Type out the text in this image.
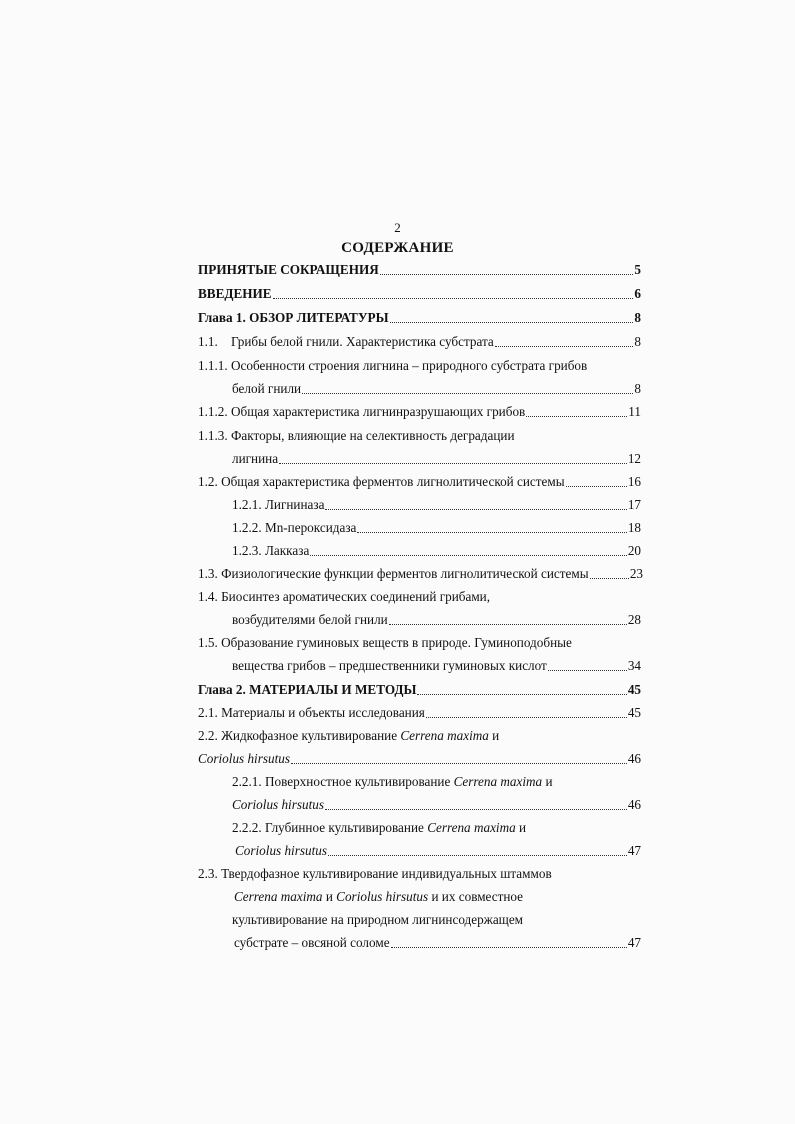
2
СОДЕРЖАНИЕ
ПРИНЯТЫЕ СОКРАЩЕНИЯ	5
ВВЕДЕНИЕ	6
Глава 1. ОБЗОР ЛИТЕРАТУРЫ	8
1.1. Грибы белой гнили. Характеристика субстрата	8
1.1.1. Особенности строения лигнина – природного субстрата грибов
белой гнили	8
1.1.2. Общая характеристика лигнинразрушающих грибов	11
1.1.3. Факторы, влияющие на селективность деградации
лигнина	12
1.2. Общая характеристика ферментов лигнолитической системы	16
1.2.1. Лигниназа	17
1.2.2. Mn-пероксидаза	18
1.2.3. Лакказа	20
1.3. Физиологические функции ферментов лигнолитической системы	23
1.4. Биосинтез ароматических соединений грибами,
возбудителями белой гнили	28
1.5. Образование гуминовых веществ в природе. Гуминоподобные
вещества грибов – предшественники гуминовых кислот	34
Глава 2. МАТЕРИАЛЫ И МЕТОДЫ	45
2.1. Материалы и объекты исследования	45
2.2. Жидкофазное культивирование Cerrena maxima и
Coriolus hirsutus	46
2.2.1. Поверхностное культивирование Cerrena maxima и
Coriolus hirsutus	46
2.2.2. Глубинное культивирование Cerrena maxima и
Coriolus hirsutus	47
2.3. Твердофазное культивирование индивидуальных штаммов
Cerrena maxima и Coriolus hirsutus и их совместное
культивирование на природном лигнинсодержащем
субстрате – овсяной соломе	47
